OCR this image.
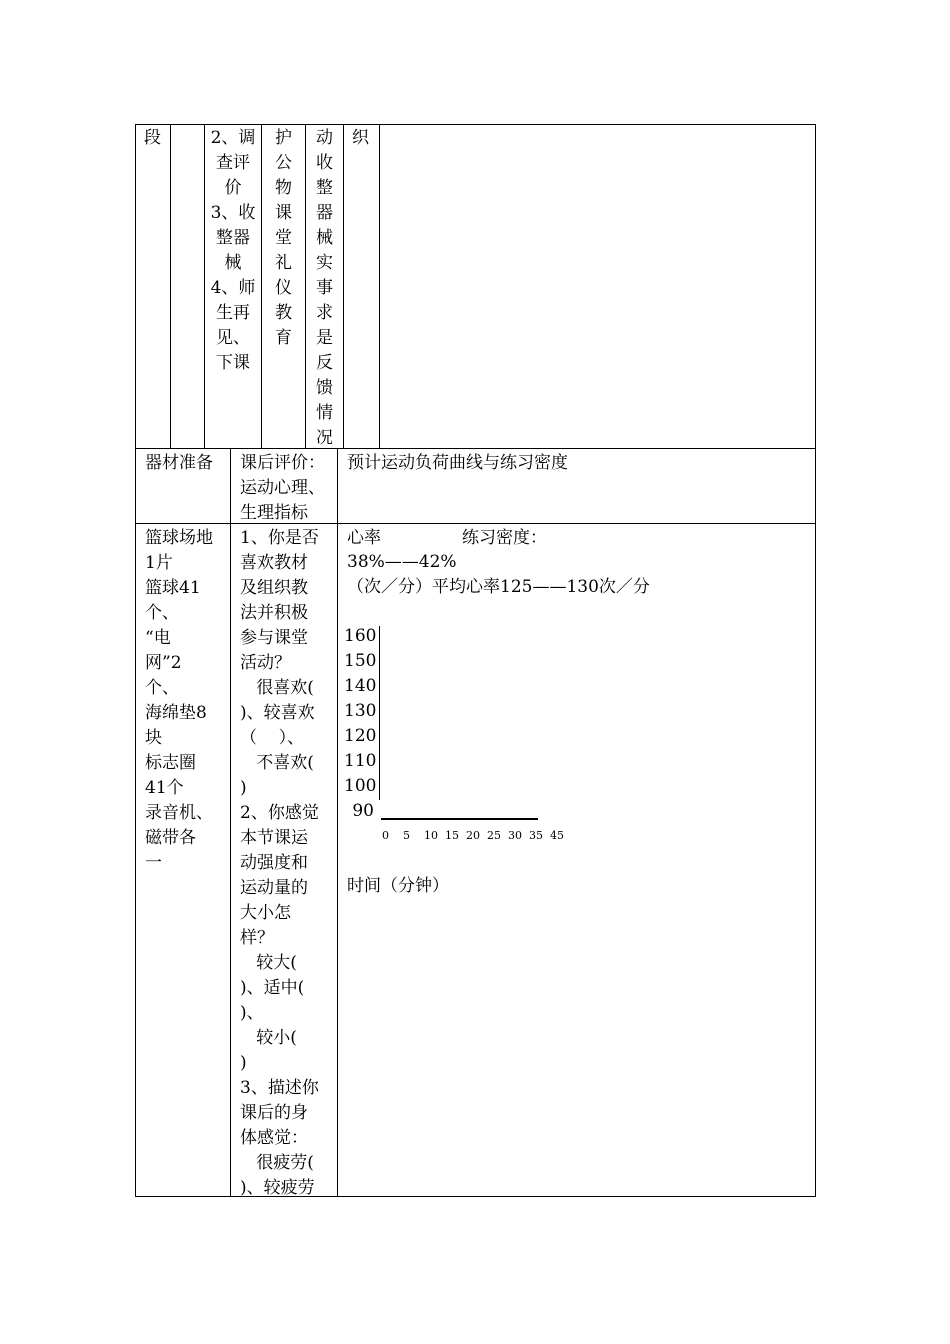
段	2、调
查评
价
3、收
整器
械
4、师
生再
见、
下课
护
公
物
课
堂
礼
仪
教
育
动
收
整
器
械
实
事
求
是
反
馈
情
况
织
器材准备 课后评价：
运动心理、
生理指标
预计运动负荷曲线与练习密度
篮球场地
1片
篮球41
个、
“电
网”2
个、
海绵垫8
块
标志圈
41个
录音机、
磁带各
一
1、你是否
喜欢教材
及组织教
法并积极
参与课堂
活动？
很喜欢(
)、较喜欢
（    ）、
不喜欢(
)
2、你感觉
本节课运
动强度和
运动量的
大小怎
样？
较大(
)、适中(
)、
较小(
)
3、描述你
课后的身
体感觉：
很疲劳(
)、较疲劳
心率	练习密度：
38%——42%
（次／分）平均心率125——130次／分
160
150
140
130
120
110
100
90
0 5 10 15 20 25 30 35 45
时间（分钟）
